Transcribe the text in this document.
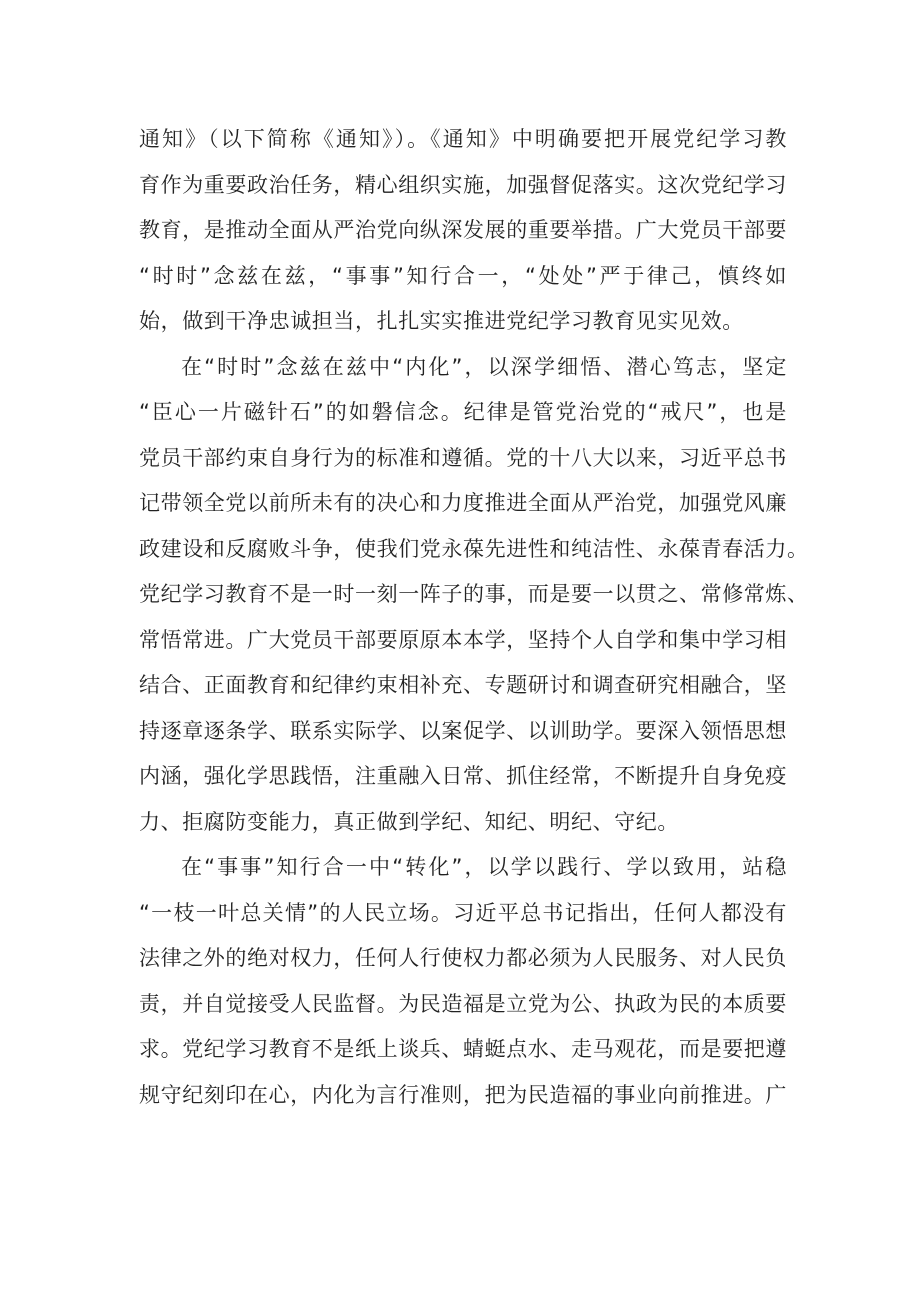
通知》（以下简称《通知》）。《通知》中明确要把开展党纪学习教
育作为重要政治任务，精心组织实施，加强督促落实。这次党纪学习
教育，是推动全面从严治党向纵深发展的重要举措。广大党员干部要
“时时”念兹在兹，“事事”知行合一，“处处”严于律己，慎终如
始，做到干净忠诚担当，扎扎实实推进党纪学习教育见实见效。

在“时时”念兹在兹中“内化”，以深学细悟、潜心笃志，坚定
“臣心一片磁针石”的如磐信念。纪律是管党治党的“戒尺”，也是
党员干部约束自身行为的标准和遵循。党的十八大以来，习近平总书
记带领全党以前所未有的决心和力度推进全面从严治党，加强党风廉
政建设和反腐败斗争，使我们党永葆先进性和纯洁性、永葆青春活力。
党纪学习教育不是一时一刻一阵子的事，而是要一以贯之、常修常炼、
常悟常进。广大党员干部要原原本本学，坚持个人自学和集中学习相
结合、正面教育和纪律约束相补充、专题研讨和调查研究相融合，坚
持逐章逐条学、联系实际学、以案促学、以训助学。要深入领悟思想
内涵，强化学思践悟，注重融入日常、抓住经常，不断提升自身免疫
力、拒腐防变能力，真正做到学纪、知纪、明纪、守纪。

在“事事”知行合一中“转化”，以学以践行、学以致用，站稳
“一枝一叶总关情”的人民立场。习近平总书记指出，任何人都没有
法律之外的绝对权力，任何人行使权力都必须为人民服务、对人民负
责，并自觉接受人民监督。为民造福是立党为公、执政为民的本质要
求。党纪学习教育不是纸上谈兵、蜻蜓点水、走马观花，而是要把遵
规守纪刻印在心，内化为言行准则，把为民造福的事业向前推进。广
